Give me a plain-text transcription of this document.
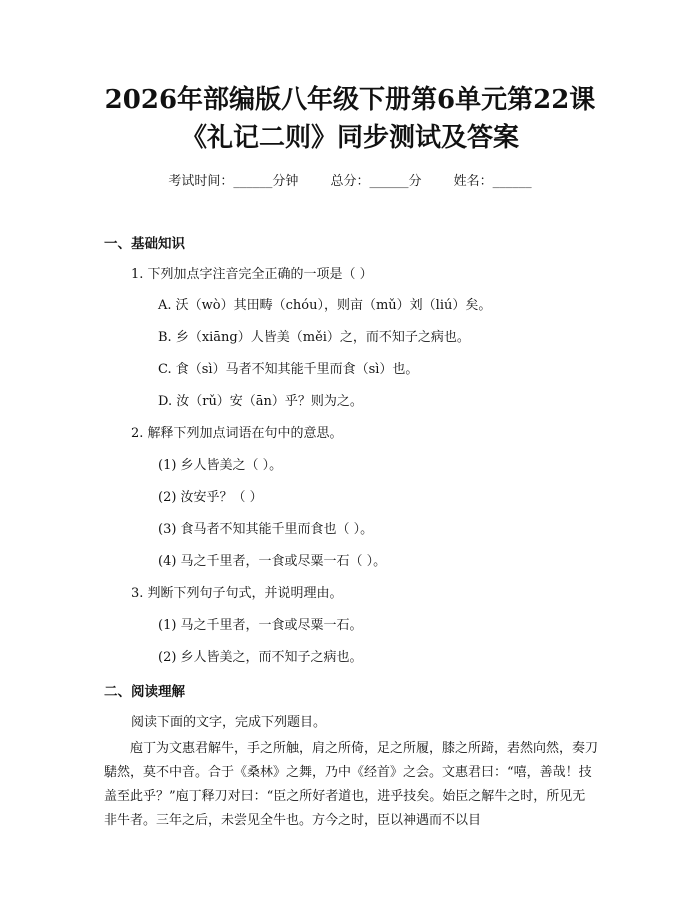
2026年部编版八年级下册第6单元第22课
《礼记二则》同步测试及答案
考试时间：______分钟 总分：______分 姓名：______
一、基础知识
1. 下列加点字注音完全正确的一项是（ ）
A. 沃（wò）其田畴（chóu），则亩（mǔ）刘（liú）矣。
B. 乡（xiāng）人皆美（měi）之，而不知子之病也。
C. 食（sì）马者不知其能千里而食（sì）也。
D. 汝（rǔ）安（ān）乎？则为之。
2. 解释下列加点词语在句中的意思。
(1) 乡人皆美之（ ）。
(2) 汝安乎？（ ）
(3) 食马者不知其能千里而食也（ ）。
(4) 马之千里者，一食或尽粟一石（ ）。
3. 判断下列句子句式，并说明理由。
(1) 马之千里者，一食或尽粟一石。
(2) 乡人皆美之，而不知子之病也。
二、阅读理解
阅读下面的文字，完成下列题目。
庖丁为文惠君解牛，手之所触，肩之所倚，足之所履，膝之所踦，砉然向然，奏刀騞然，莫不中音。合于《桑林》之舞，乃中《经首》之会。文惠君曰：“嘻，善哉！技盖至此乎？”庖丁释刀对曰：“臣之所好者道也，进乎技矣。始臣之解牛之时，所见无非牛者。三年之后，未尝见全牛也。方今之时，臣以神遇而不以目
